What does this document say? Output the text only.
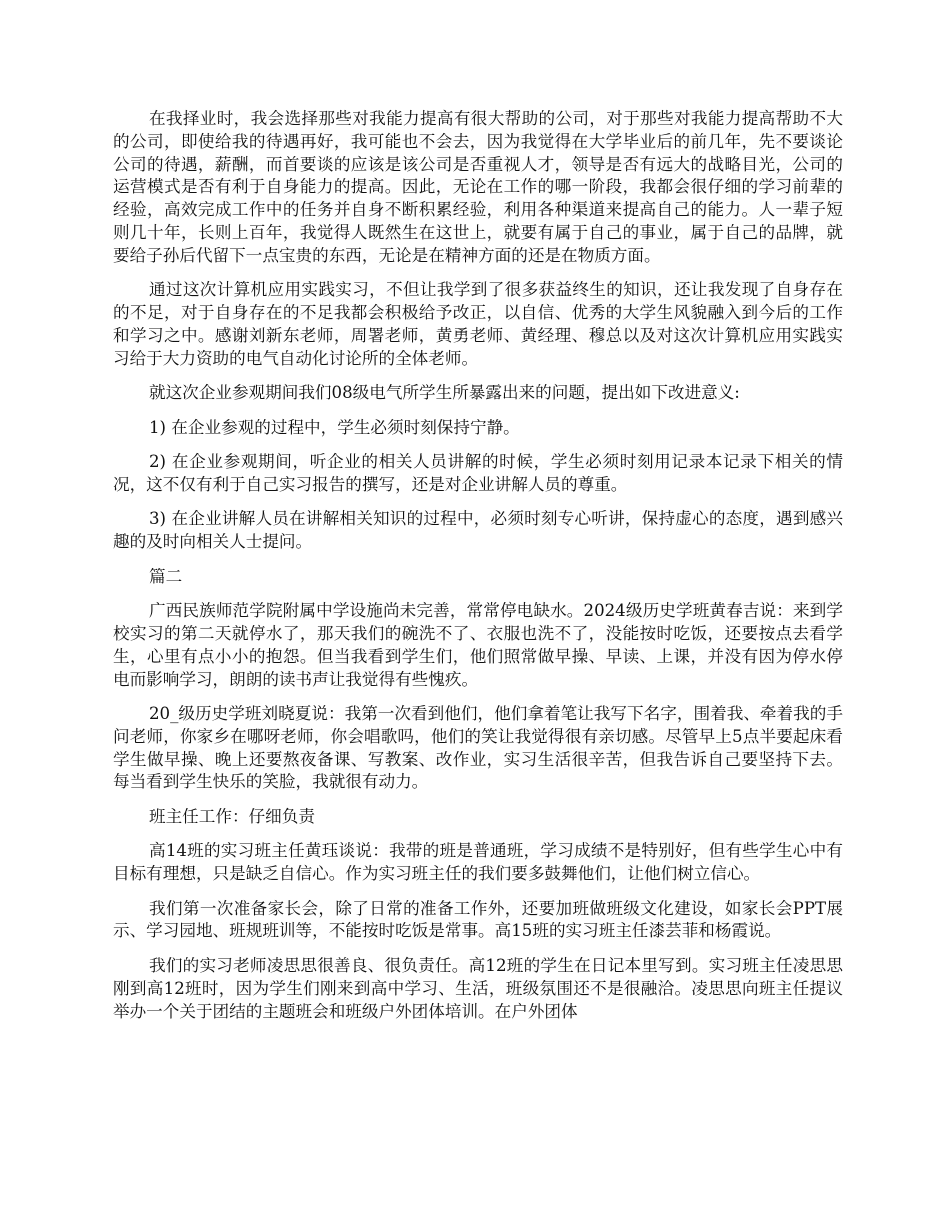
在我择业时，我会选择那些对我能力提高有很大帮助的公司，对于那些对我能力提高帮助不大的公司，即使给我的待遇再好，我可能也不会去，因为我觉得在大学毕业后的前几年，先不要谈论公司的待遇，薪酬，而首要谈的应该是该公司是否重视人才，领导是否有远大的战略目光，公司的运营模式是否有利于自身能力的提高。因此，无论在工作的哪一阶段，我都会很仔细的学习前辈的经验，高效完成工作中的任务并自身不断积累经验，利用各种渠道来提高自己的能力。人一辈子短则几十年，长则上百年，我觉得人既然生在这世上，就要有属于自己的事业，属于自己的品牌，就要给子孙后代留下一点宝贵的东西，无论是在精神方面的还是在物质方面。

通过这次计算机应用实践实习，不但让我学到了很多获益终生的知识，还让我发现了自身存在的不足，对于自身存在的不足我都会积极给予改正，以自信、优秀的大学生风貌融入到今后的工作和学习之中。感谢刘新东老师，周署老师，黄勇老师、黄经理、穆总以及对这次计算机应用实践实习给于大力资助的电气自动化讨论所的全体老师。

就这次企业参观期间我们08级电气所学生所暴露出来的问题，提出如下改进意义:

1) 在企业参观的过程中，学生必须时刻保持宁静。

2) 在企业参观期间，听企业的相关人员讲解的时候，学生必须时刻用记录本记录下相关的情况，这不仅有利于自己实习报告的撰写，还是对企业讲解人员的尊重。

3) 在企业讲解人员在讲解相关知识的过程中，必须时刻专心听讲，保持虚心的态度，遇到感兴趣的及时向相关人士提问。

篇二

广西民族师范学院附属中学设施尚未完善，常常停电缺水。2024级历史学班黄春吉说：来到学校实习的第二天就停水了，那天我们的碗洗不了、衣服也洗不了，没能按时吃饭，还要按点去看学生，心里有点小小的抱怨。但当我看到学生们，他们照常做早操、早读、上课，并没有因为停水停电而影响学习，朗朗的读书声让我觉得有些愧疚。

20_级历史学班刘晓夏说：我第一次看到他们，他们拿着笔让我写下名字，围着我、牵着我的手问老师，你家乡在哪呀老师，你会唱歌吗，他们的笑让我觉得很有亲切感。尽管早上5点半要起床看学生做早操、晚上还要熬夜备课、写教案、改作业，实习生活很辛苦，但我告诉自己要坚持下去。每当看到学生快乐的笑脸，我就很有动力。

班主任工作：仔细负责

高14班的实习班主任黄珏谈说：我带的班是普通班，学习成绩不是特别好，但有些学生心中有目标有理想，只是缺乏自信心。作为实习班主任的我们要多鼓舞他们，让他们树立信心。

我们第一次准备家长会，除了日常的准备工作外，还要加班做班级文化建设，如家长会PPT展示、学习园地、班规班训等，不能按时吃饭是常事。高15班的实习班主任漆芸菲和杨霞说。

我们的实习老师凌思思很善良、很负责任。高12班的学生在日记本里写到。实习班主任凌思思刚到高12班时，因为学生们刚来到高中学习、生活，班级氛围还不是很融洽。凌思思向班主任提议举办一个关于团结的主题班会和班级户外团体培训。在户外团体
